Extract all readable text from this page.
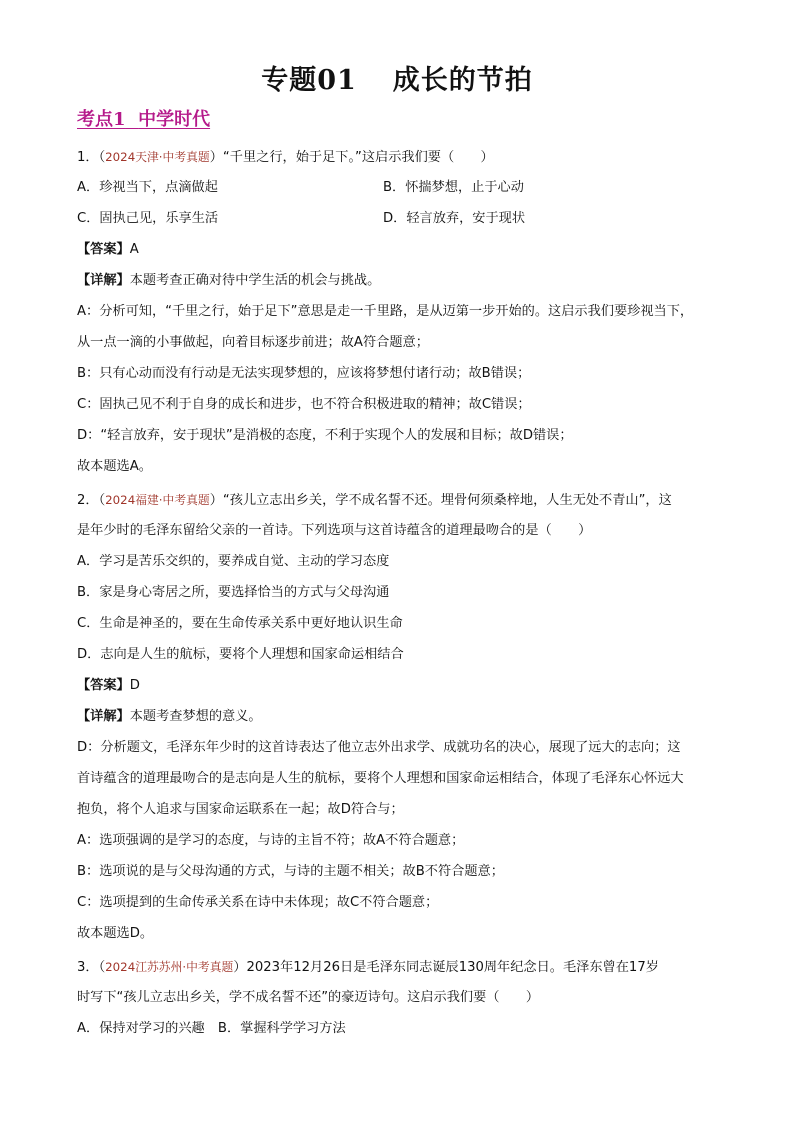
专题01 成长的节拍
考点1 中学时代
1．（2024天津·中考真题）“千里之行，始于足下。”这启示我们要（　　）
A．珍视当下，点滴做起	B．怀揣梦想，止于心动
C．固执己见，乐享生活	D．轻言放弃，安于现状
【答案】A
【详解】本题考查正确对待中学生活的机会与挑战。
A：分析可知，“千里之行，始于足下”意思是走一千里路，是从迈第一步开始的。这启示我们要珍视当下，
从一点一滴的小事做起，向着目标逐步前进；故A符合题意；
B：只有心动而没有行动是无法实现梦想的，应该将梦想付诸行动；故B错误；
C：固执己见不利于自身的成长和进步，也不符合积极进取的精神；故C错误；
D：“轻言放弃，安于现状”是消极的态度，不利于实现个人的发展和目标；故D错误；
故本题选A。
2．（2024福建·中考真题）“孩儿立志出乡关，学不成名誓不还。埋骨何须桑梓地，人生无处不青山”，这
是年少时的毛泽东留给父亲的一首诗。下列选项与这首诗蕴含的道理最吻合的是（　　）
A．学习是苦乐交织的，要养成自觉、主动的学习态度
B．家是身心寄居之所，要选择恰当的方式与父母沟通
C．生命是神圣的，要在生命传承关系中更好地认识生命
D．志向是人生的航标，要将个人理想和国家命运相结合
【答案】D
【详解】本题考查梦想的意义。
D：分析题文，毛泽东年少时的这首诗表达了他立志外出求学、成就功名的决心，展现了远大的志向；这
首诗蕴含的道理最吻合的是志向是人生的航标，要将个人理想和国家命运相结合，体现了毛泽东心怀远大
抱负，将个人追求与国家命运联系在一起；故D符合与；
A：选项强调的是学习的态度，与诗的主旨不符；故A不符合题意；
B：选项说的是与父母沟通的方式，与诗的主题不相关；故B不符合题意；
C：选项提到的生命传承关系在诗中未体现；故C不符合题意；
故本题选D。
3．（2024江苏苏州·中考真题）2023年12月26日是毛泽东同志诞辰130周年纪念日。毛泽东曾在17岁
时写下“孩儿立志出乡关，学不成名誓不还”的豪迈诗句。这启示我们要（　　）
A．保持对学习的兴趣　B．掌握科学学习方法
